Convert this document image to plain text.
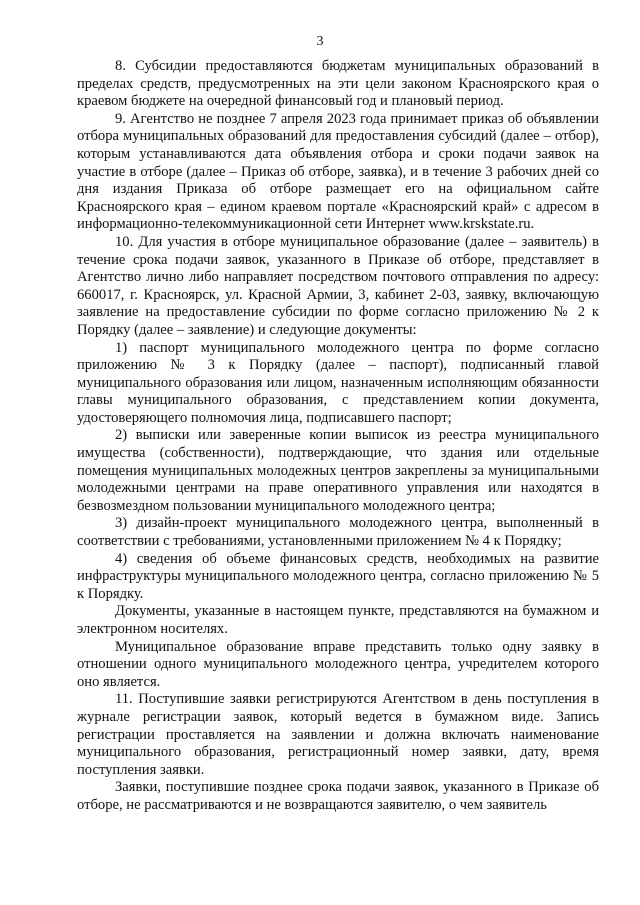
3

8. Субсидии предоставляются бюджетам муниципальных образований в пределах средств, предусмотренных на эти цели законом Красноярского края о краевом бюджете на очередной финансовый год и плановый период.

9. Агентство не позднее 7 апреля 2023 года принимает приказ об объявлении отбора муниципальных образований для предоставления субсидий (далее – отбор), которым устанавливаются дата объявления отбора и сроки подачи заявок на участие в отборе (далее – Приказ об отборе, заявка), и в течение 3 рабочих дней со дня издания Приказа об отборе размещает его на официальном сайте Красноярского края – едином краевом портале «Красноярский край» с адресом в информационно-телекоммуникационной сети Интернет www.krskstate.ru.

10. Для участия в отборе муниципальное образование (далее – заявитель) в течение срока подачи заявок, указанного в Приказе об отборе, представляет в Агентство лично либо направляет посредством почтового отправления по адресу: 660017, г. Красноярск, ул. Красной Армии, 3, кабинет 2-03, заявку, включающую заявление на предоставление субсидии по форме согласно приложению № 2 к Порядку (далее – заявление) и следующие документы:

1) паспорт муниципального молодежного центра по форме согласно приложению № 3 к Порядку (далее – паспорт), подписанный главой муниципального образования или лицом, назначенным исполняющим обязанности главы муниципального образования, с представлением копии документа, удостоверяющего полномочия лица, подписавшего паспорт;

2) выписки или заверенные копии выписок из реестра муниципального имущества (собственности), подтверждающие, что здания или отдельные помещения муниципальных молодежных центров закреплены за муниципальными молодежными центрами на праве оперативного управления или находятся в безвозмездном пользовании муниципального молодежного центра;

3) дизайн-проект муниципального молодежного центра, выполненный в соответствии с требованиями, установленными приложением № 4 к Порядку;

4) сведения об объеме финансовых средств, необходимых на развитие инфраструктуры муниципального молодежного центра, согласно приложению № 5 к Порядку.

Документы, указанные в настоящем пункте, представляются на бумажном и электронном носителях.

Муниципальное образование вправе представить только одну заявку в отношении одного муниципального молодежного центра, учредителем которого оно является.

11. Поступившие заявки регистрируются Агентством в день поступления в журнале регистрации заявок, который ведется в бумажном виде. Запись регистрации проставляется на заявлении и должна включать наименование муниципального образования, регистрационный номер заявки, дату, время поступления заявки.

Заявки, поступившие позднее срока подачи заявок, указанного в Приказе об отборе, не рассматриваются и не возвращаются заявителю, о чем заявитель
